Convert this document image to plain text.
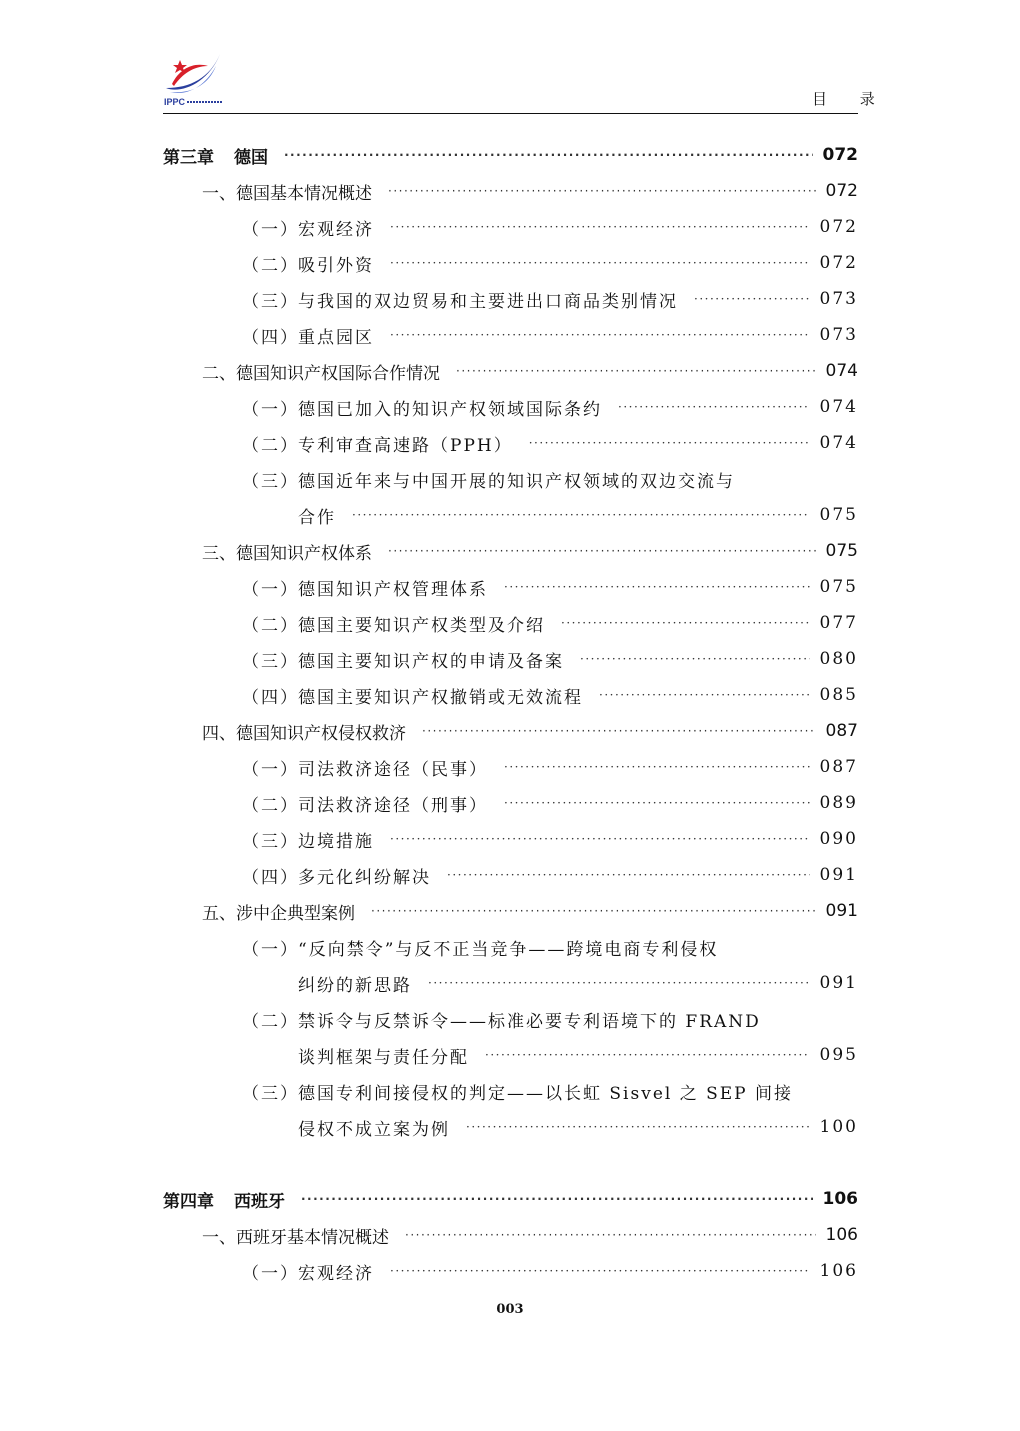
IPPC	目 录
第三章 德国 ·····	072
一、德国基本情况概述 ·····	072
（一）宏观经济 ·····	072
（二）吸引外资 ·····	072
（三）与我国的双边贸易和主要进出口商品类别情况 ·····	073
（四）重点园区 ·····	073
二、德国知识产权国际合作情况 ·····	074
（一）德国已加入的知识产权领域国际条约 ·····	074
（二）专利审查高速路（PPH） ·····	074
（三）德国近年来与中国开展的知识产权领域的双边交流与
合作 ·····	075
三、德国知识产权体系 ·····	075
（一）德国知识产权管理体系 ·····	075
（二）德国主要知识产权类型及介绍 ·····	077
（三）德国主要知识产权的申请及备案 ·····	080
（四）德国主要知识产权撤销或无效流程 ·····	085
四、德国知识产权侵权救济 ·····	087
（一）司法救济途径（民事） ·····	087
（二）司法救济途径（刑事） ·····	089
（三）边境措施 ·····	090
（四）多元化纠纷解决 ·····	091
五、涉中企典型案例 ·····	091
（一）“反向禁令”与反不正当竞争——跨境电商专利侵权
纠纷的新思路 ·····	091
（二）禁诉令与反禁诉令——标准必要专利语境下的 FRAND
谈判框架与责任分配 ·····	095
（三）德国专利间接侵权的判定——以长虹 Sisvel 之 SEP 间接
侵权不成立案为例 ·····	100
第四章 西班牙 ·····	106
一、西班牙基本情况概述 ·····	106
（一）宏观经济 ·····	106
003
